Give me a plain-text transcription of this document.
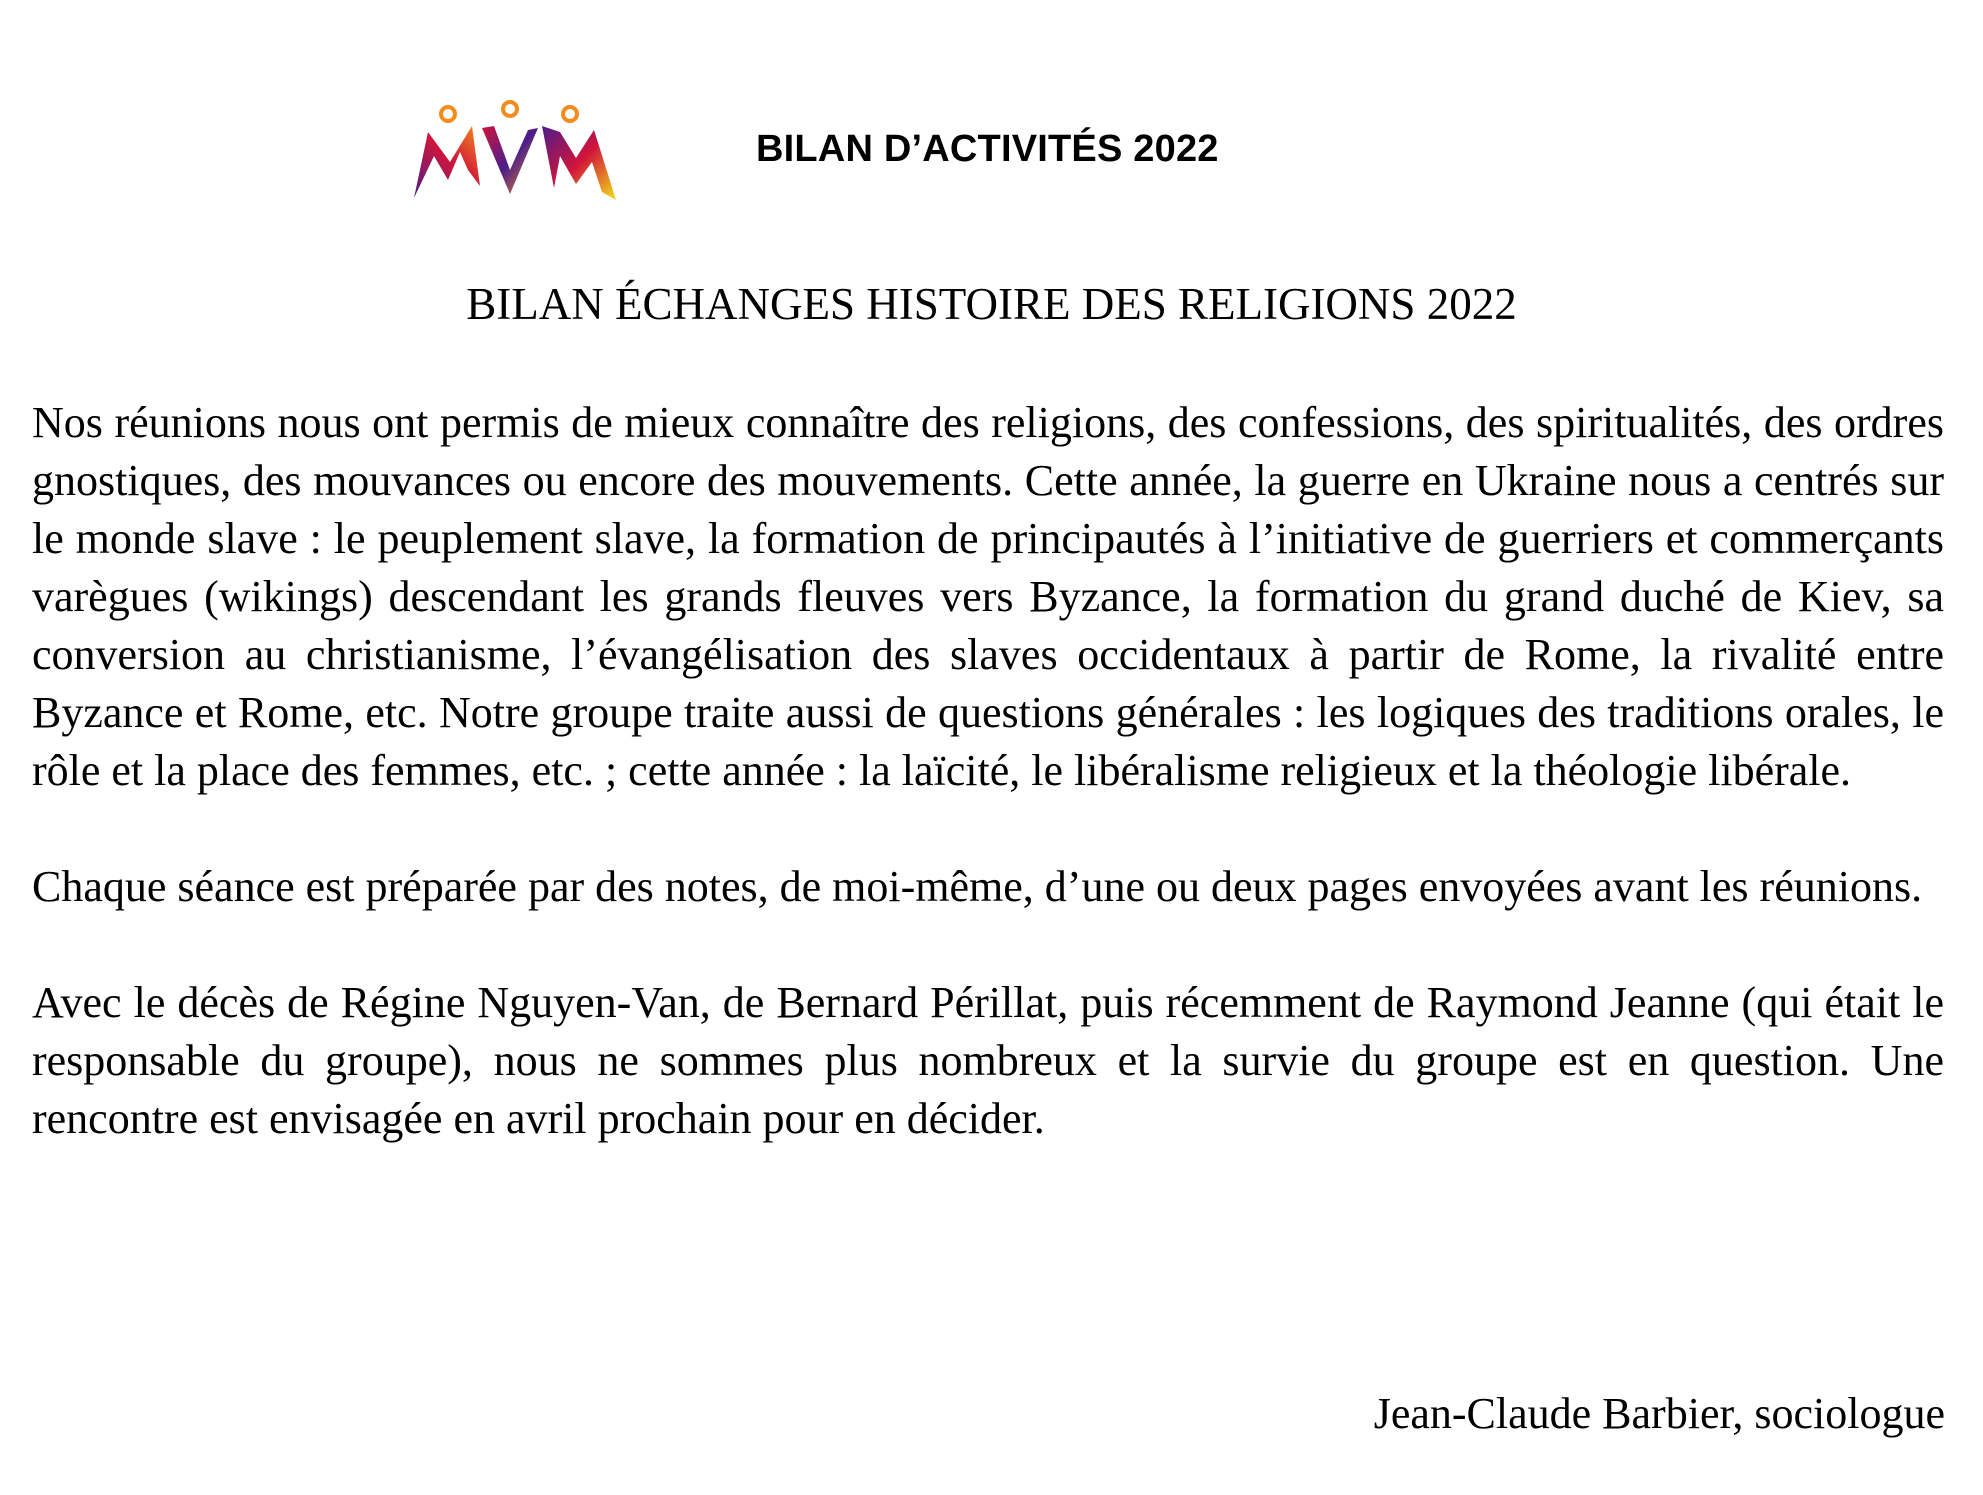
BILAN D’ACTIVITÉS 2022
BILAN ÉCHANGES HISTOIRE DES RELIGIONS 2022

Nos réunions nous ont permis de mieux connaître des religions, des confessions, des spiritualités, des ordres gnostiques, des mouvances ou encore des mouvements. Cette année, la guerre en Ukraine nous a centrés sur le monde slave : le peuplement slave, la formation de principautés à l’initiative de guerriers et commerçants varègues (wikings) descendant les grands fleuves vers Byzance, la formation du grand duché de Kiev, sa conversion au christianisme, l’évangélisation des slaves occidentaux à partir de Rome, la rivalité entre Byzance et Rome, etc. Notre groupe traite aussi de questions générales : les logiques des traditions orales, le rôle et la place des femmes, etc. ; cette année : la laïcité, le libéralisme religieux et la théologie libérale.

Chaque séance est préparée par des notes, de moi-même, d’une ou deux pages envoyées avant les réunions.

Avec le décès de Régine Nguyen-Van, de Bernard Périllat, puis récemment de Raymond Jeanne (qui était le responsable du groupe), nous ne sommes plus nombreux et la survie du groupe est en question. Une rencontre est envisagée en avril prochain pour en décider.

Jean-Claude Barbier, sociologue
